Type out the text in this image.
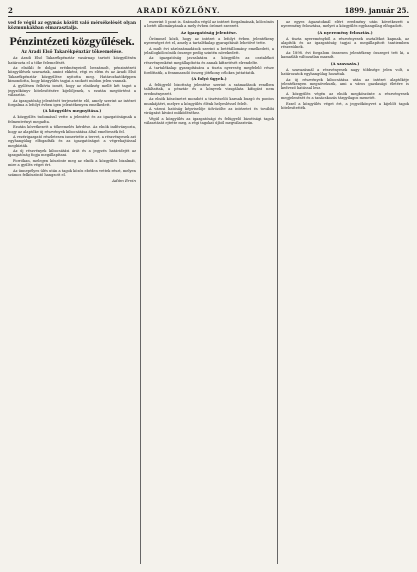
2	ARADI KÖZLÖNY.	1899. január 25.

ved fe végül az egymás között való mérsékelését olyan közmunkákban elmarasztalja.

Pénzintézeti közgyűlések.
Az Aradi Első Takarékpénztár tőkeemelése.

Az Aradi Első Takarékpénztár vasárnap tartott közgyűlésén határozta el a tőke felemelését.

Az elnökli fe dolgai erédményeiről beszámolt, pénzintézeti közgyűlések szavaztak, amint ekként, régi es elém és az Aradi Első Takarékpénztár közgyűlése nyitotta meg. Határozhatóképpen kimondotta, hogy közgyűlés tagjai a szokott módon jelen vannak.

A gyűlésen felhívta ismét, hogy az elnökség mellé két tagot a jegyzőkönyv hitelesítésére kijelöljenek, s ezután megtörtént a választás.

Az igazgatóság jelentését terjesztette elő, amely szerint az intézet forgalma a lefolyt évben igen jelentékenyen emelkedett.

(A közgyűlés megnyitása.)

A közgyűlés tudomásul vette a jelentést és az igazgatóságnak a felmentvényt megadta.

Ezután következett a tőkeemelés kérdése. Az elnök indítványozta, hogy az alaptőke új részvények kibocsátása által emeltessék fel.

A vezérigazgató részletesen ismertette a tervet, a részvényesek azt egyhangúlag elfogadták és az igazgatóságot a végrehajtással megbízták.

Az új részvények kibocsátási árát és a jegyzés határidejét az igazgatóság fogja megállapítani.

Forrókan, melegen köszönte meg az elnök a közgyűlés bizalmát, mire a gyűlés véget ért.

Az ünnepélyes ülés után a tagok közös ebéden vettek részt, melyen számos felköszöntő hangzott el.

Adám Ervin

eszerint 5 pont is. Számolta végül az intézet forgalmának, kölcsönös a betét állományának a mely évben örömet szerzett.

Az igazgatóság jelentése.

Örömmel közli, hogy az intézet a lefolyt évben jelentékeny nyereséget ért el, amely a tartalékalap gyarapítását lehetővé tette.

A mult évi zárószámadások szerint a betétállomány emelkedett, a jelzálogkölcsönök összege pedig szintén növekedett.

Az igazgatóság javaslatára a közgyűlés az osztalékot részvényenként megállapította és annak kifizetését elrendelte.

A tartalékalap gyarapítására a tiszta nyereség megfelelő része fordíttatik, a fennmaradó összeg jótékony célokra juttattatik.

(A folyó ügyek.)

A felügyelő bizottság jelentése szerint a számadások rendben találtattak, a pénztár és a könyvek vizsgálata kifogást nem eredményezett.

Az elnök köszönetet mondott a tisztviselői karnak buzgó és pontos munkájáért, melyre a közgyűlés élénk helyesléssel felelt.

A városi hatóság képviselője üdvözölte az intézetet és további virágzást kívánt működéséhez.

Végül a közgyűlés az igazgatósági és felügyelő bizottsági tagok választását ejtette meg, a régi tagokat újból megválasztván.

az egyes ágazatoknál elért eredmény után következett a nyeremény felosztása, melyet a közgyűlés egyhangúlag elfogadott.

(A nyeremény felosztás.)

A tiszta nyereményből a részvényesek osztalékot kapnak, az alapítók és az igazgatóság tagjai a megállapított tantiemben részesülnek.

Az 1898. évi forgalom összesen jelentékeny összeget tett ki, a kamatláb változatlan maradt.

(A szavazás.)

A szavazásnál a részvényesek nagy többsége jelen volt, a határozatok egyhangúlag hozattak.

Az új részvények kibocsátása után az intézet alaptőkéje jelentékenyen megnövekszik, ami a város gazdasági életére is kedvező hatással lesz.

A közgyűlés végén az elnök megköszönte a részvényesek megjelenését és a tanácskozás tárgyilagos menetét.

Ezzel a közgyűlés véget ért, a jegyzőkönyvet a kijelölt tagok hitelesítették.
